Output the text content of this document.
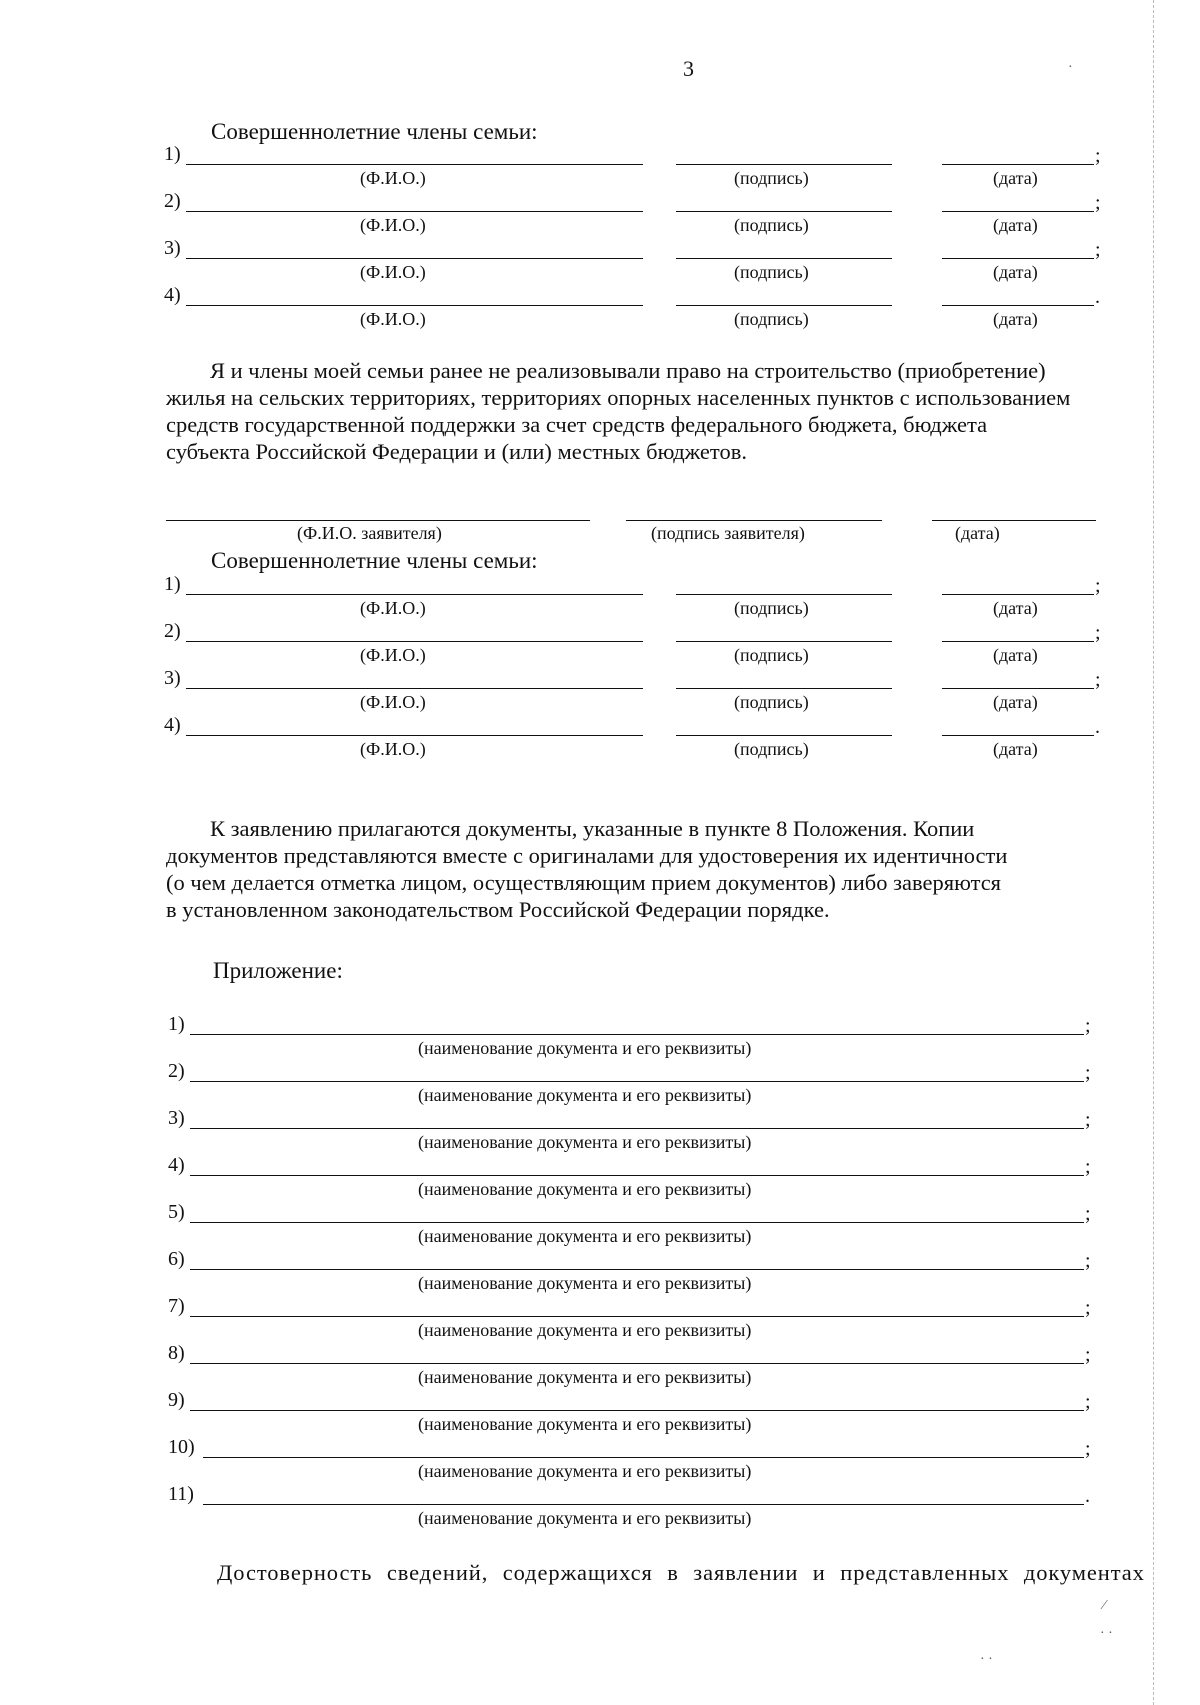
3
Совершеннолетние члены семьи:
1)	;
(Ф.И.О.)	(подпись)	(дата)
2)	;
(Ф.И.О.)	(подпись)	(дата)
3)	;
(Ф.И.О.)	(подпись)	(дата)
4)	.
(Ф.И.О.)	(подпись)	(дата)
Я и члены моей семьи ранее не реализовывали право на строительство (приобретение)
жилья на сельских территориях, территориях опорных населенных пунктов с использованием
средств государственной поддержки за счет средств федерального бюджета, бюджета
субъекта Российской Федерации и (или) местных бюджетов.
(Ф.И.О. заявителя)	(подпись заявителя)	(дата)
Совершеннолетние члены семьи:
1)	;
(Ф.И.О.)	(подпись)	(дата)
2)	;
(Ф.И.О.)	(подпись)	(дата)
3)	;
(Ф.И.О.)	(подпись)	(дата)
4)	.
(Ф.И.О.)	(подпись)	(дата)
К заявлению прилагаются документы, указанные в пункте 8 Положения. Копии
документов представляются вместе с оригиналами для удостоверения их идентичности
(о чем делается отметка лицом, осуществляющим прием документов) либо заверяются
в установленном законодательством Российской Федерации порядке.
Приложение:
1)	;
(наименование документа и его реквизиты)
2)	;
(наименование документа и его реквизиты)
3)	;
(наименование документа и его реквизиты)
4)	;
(наименование документа и его реквизиты)
5)	;
(наименование документа и его реквизиты)
6)	;
(наименование документа и его реквизиты)
7)	;
(наименование документа и его реквизиты)
8)	;
(наименование документа и его реквизиты)
9)	;
(наименование документа и его реквизиты)
10)	;
(наименование документа и его реквизиты)
11)	.
(наименование документа и его реквизиты)
Достоверность сведений, содержащихся в заявлении и представленных документах
·
⁄
· ·
· ·
